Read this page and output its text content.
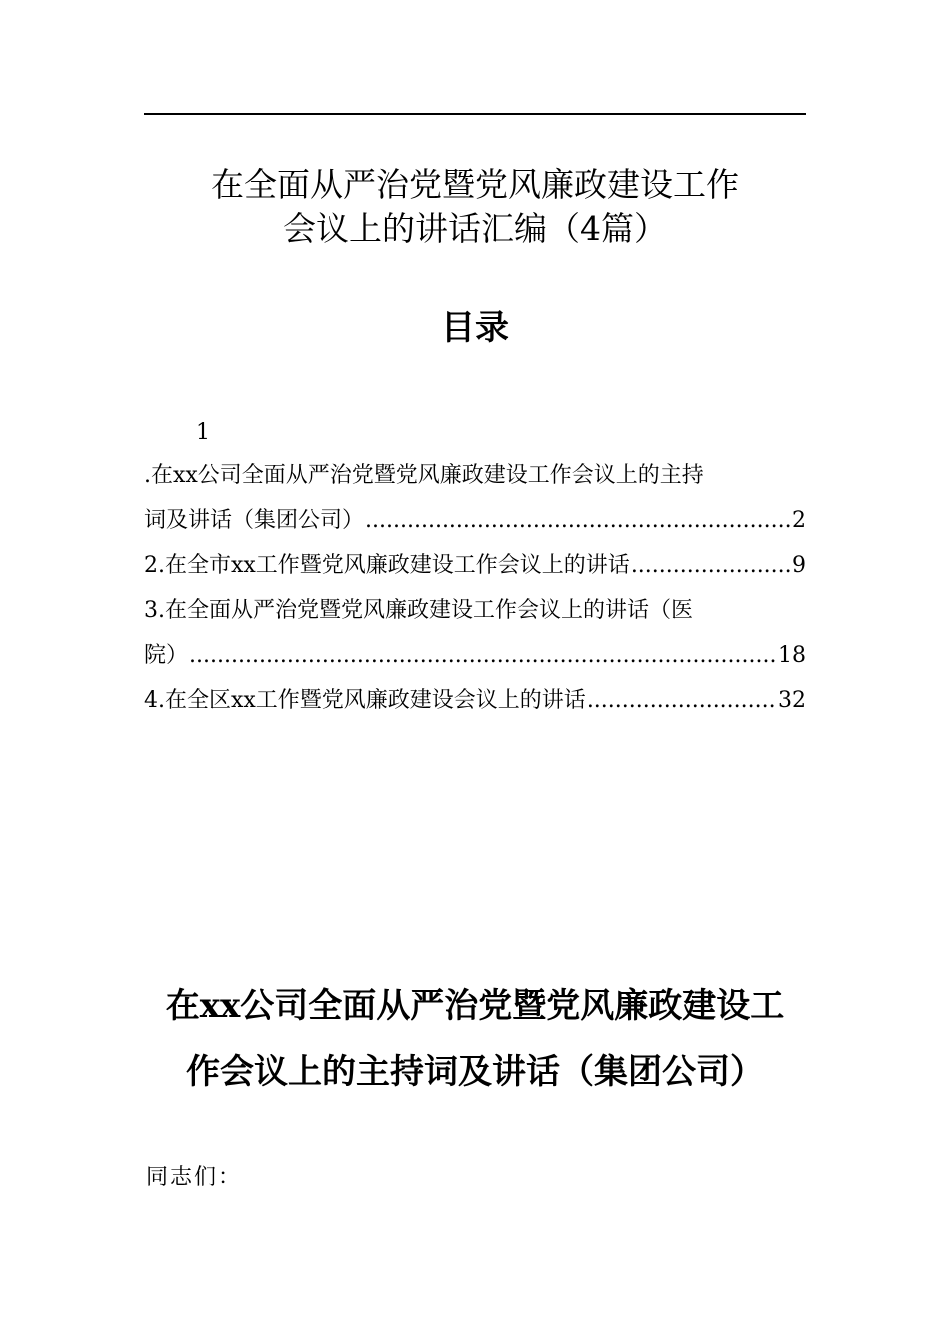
在全面从严治党暨党风廉政建设工作
会议上的讲话汇编（4篇）
目录
1
.在xx公司全面从严治党暨党风廉政建设工作会议上的主持
词及讲话（集团公司） .....	2
2.在全市xx工作暨党风廉政建设工作会议上的讲话 .....	9
3.在全面从严治党暨党风廉政建设工作会议上的讲话（医
院） .....	18
4.在全区xx工作暨党风廉政建设会议上的讲话 .....	32
在xx公司全面从严治党暨党风廉政建设工
作会议上的主持词及讲话（集团公司）
同志们：
